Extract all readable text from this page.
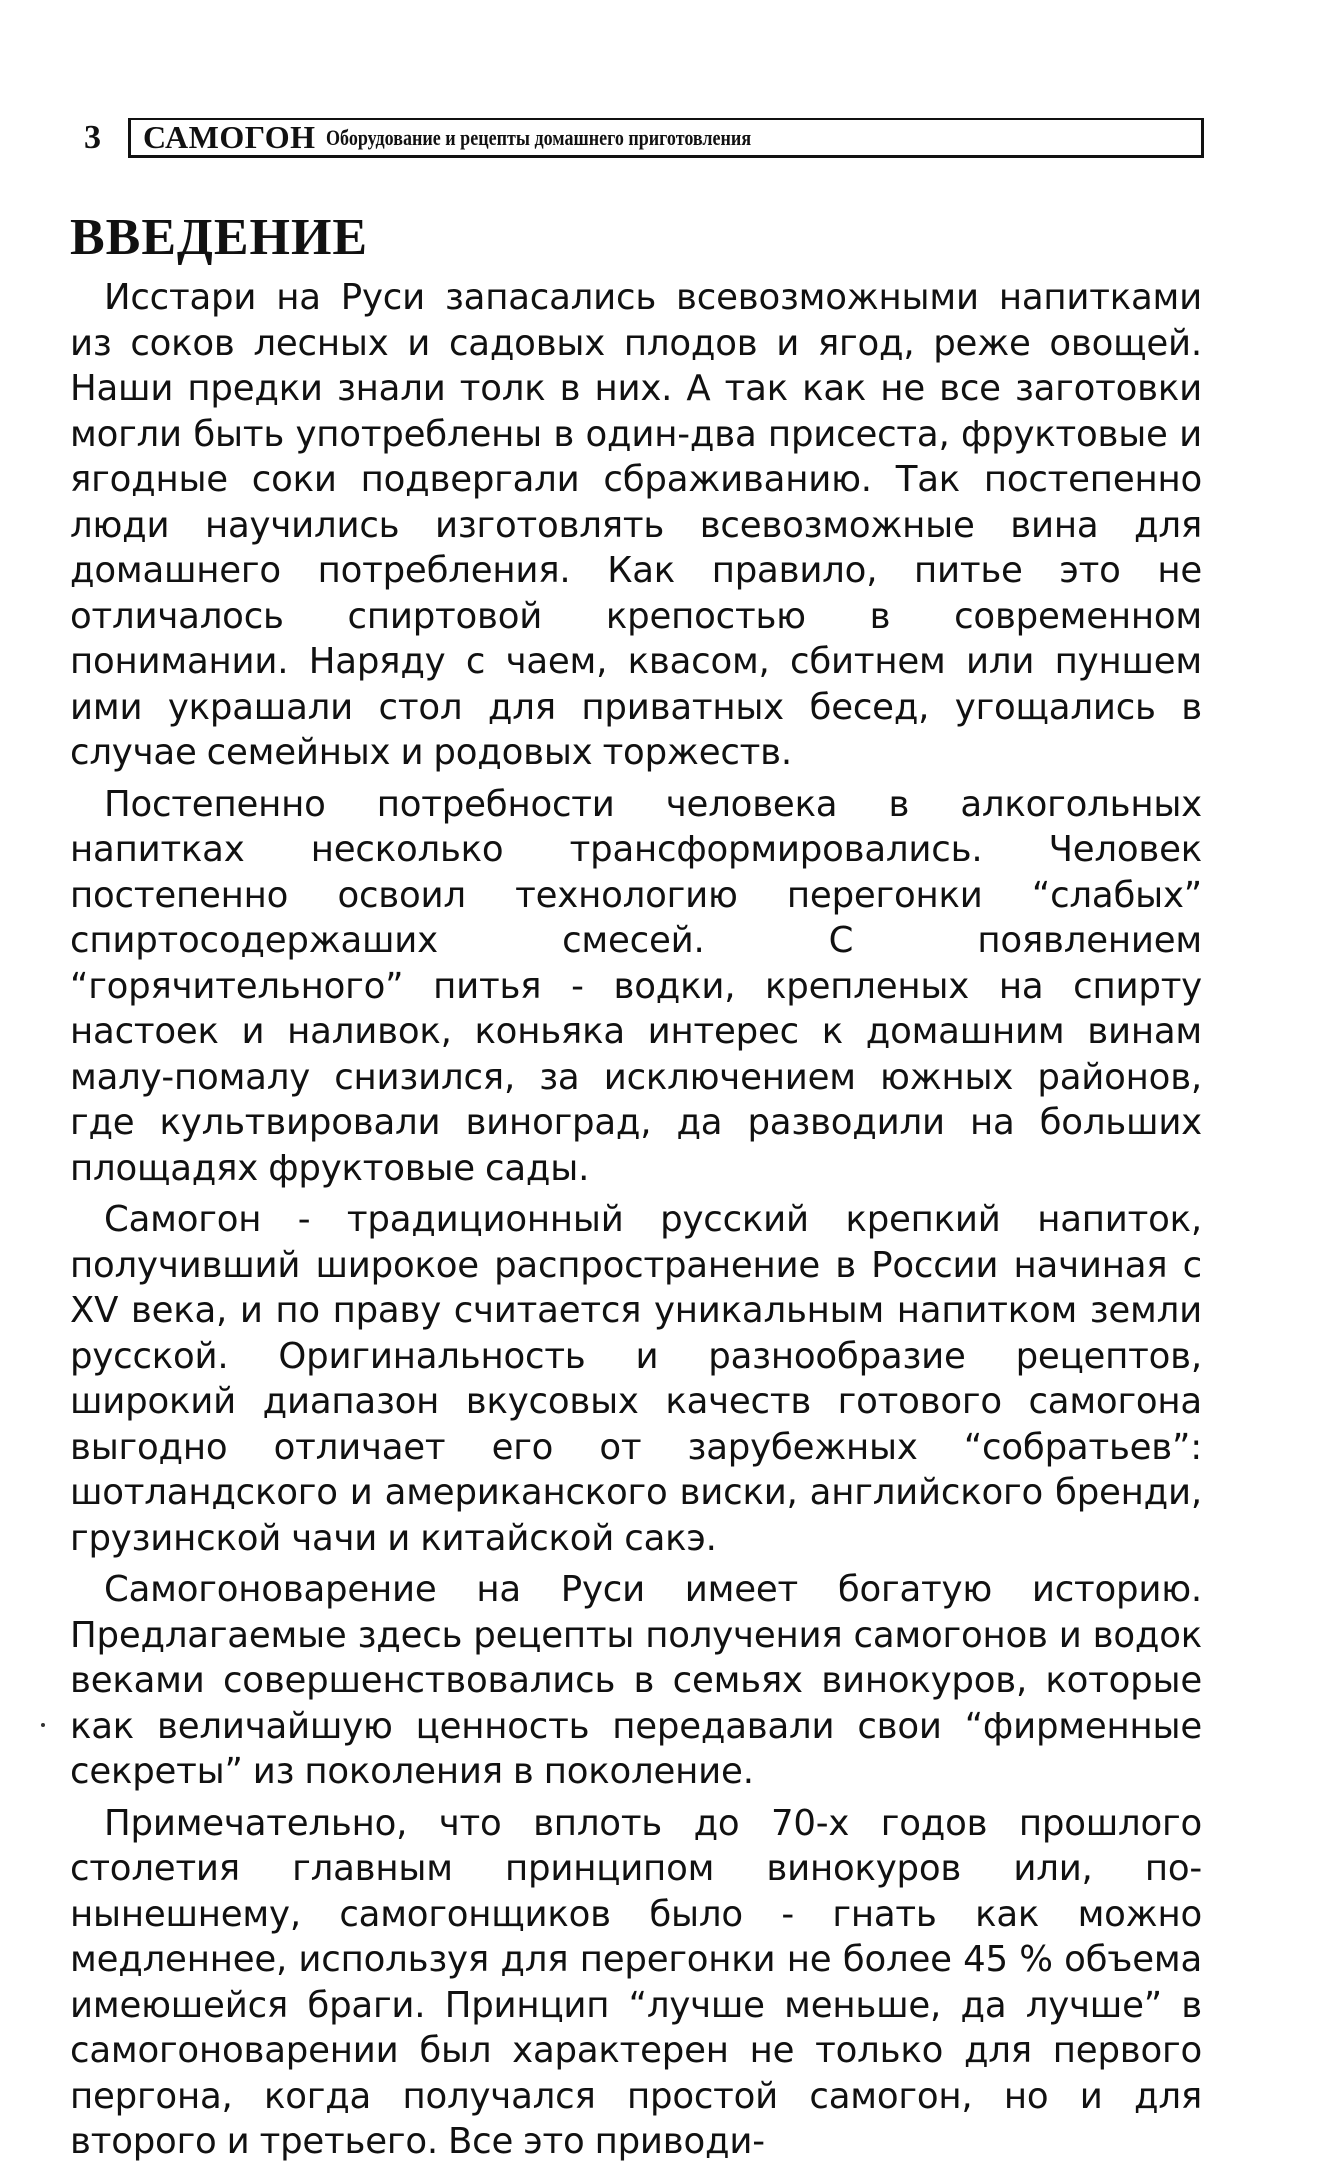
3	САМОГОН Оборудование и рецепты домашнего приготовления
ВВЕДЕНИЕ

Исстари на Руси запасались всевозможными напитками из соков лесных и садовых плодов и ягод, реже овощей. Наши предки знали толк в них. А так как не все заготовки могли быть употреблены в один-два присеста, фруктовые и ягодные соки подвергали сбраживанию. Так постепенно люди научились изготовлять всевозможные вина для домашнего потребления. Как правило, питье это не отличалось спиртовой крепостью в современном понимании. Наряду с чаем, квасом, сбитнем или пуншем ими украшали стол для приватных бесед, угощались в случае семейных и родовых торжеств.

Постепенно потребности человека в алкогольных напитках несколько трансформировались. Человек постепенно освоил технологию перегонки “слабых” спиртосодержаших смесей. С появлением “горячительного” питья - водки, крепленых на спирту настоек и наливок, коньяка интерес к домашним винам малу-помалу снизился, за исключением южных районов, где культвировали виноград, да разводили на больших площадях фруктовые сады.

Самогон - традиционный русский крепкий напиток, получивший широкое распространение в России начиная с XV века, и по праву считается уникальным напитком земли русской. Оригинальность и разнообразие рецептов, широкий диапазон вкусовых качеств готового самогона выгодно отличает его от зарубежных “собратьев”: шотландского и американского виски, английского бренди, грузинской чачи и китайской сакэ.

Самогоноварение на Руси имеет богатую историю. Предлагаемые здесь рецепты получения самогонов и водок веками совершенствовались в семьях винокуров, которые как величайшую ценность передавали свои “фирменные секреты” из поколения в поколение.

Примечательно, что вплоть до 70-х годов прошлого столетия главным принципом винокуров или, по-нынешнему, самогонщиков было - гнать как можно медленнее, используя для перегонки не более 45 % объема имеюшейся браги. Принцип “лучше меньше, да лучше” в самогоноварении был характерен не только для первого пергона, когда получался простой самогон, но и для второго и третьего. Все это приводи-
